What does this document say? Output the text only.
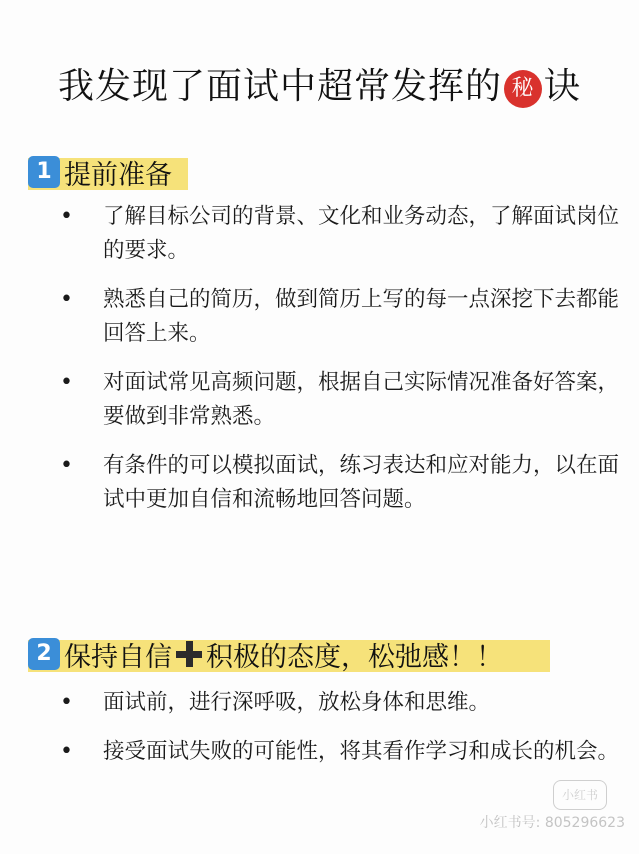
我发现了面试中超常发挥的 秘 诀
1 提前准备
• 了解目标公司的背景、文化和业务动态，了解面试岗位的要求。
• 熟悉自己的简历，做到简历上写的每一点深挖下去都能回答上来。
• 对面试常见高频问题，根据自己实际情况准备好答案，要做到非常熟悉。
• 有条件的可以模拟面试，练习表达和应对能力，以在面试中更加自信和流畅地回答问题。
2 保持自信 积极的态度，松弛感！！
• 面试前，进行深呼吸，放松身体和思维。
• 接受面试失败的可能性，将其看作学习和成长的机会。
小红书
小红书号: 805296623
